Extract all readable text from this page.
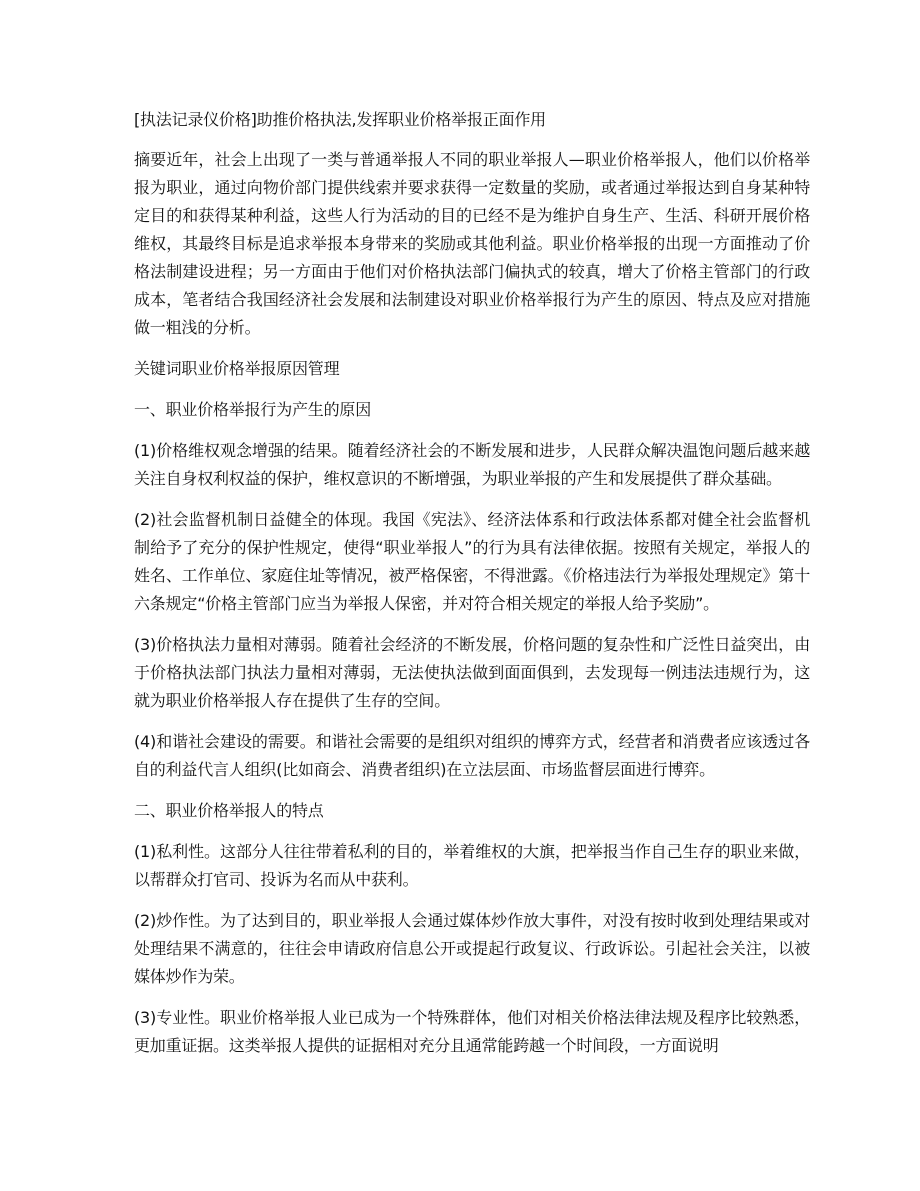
[执法记录仪价格]助推价格执法,发挥职业价格举报正面作用

摘要近年，社会上出现了一类与普通举报人不同的职业举报人—职业价格举报人，他们以价格举报为职业，通过向物价部门提供线索并要求获得一定数量的奖励，或者通过举报达到自身某种特定目的和获得某种利益，这些人行为活动的目的已经不是为维护自身生产、生活、科研开展价格维权，其最终目标是追求举报本身带来的奖励或其他利益。职业价格举报的出现一方面推动了价格法制建设进程；另一方面由于他们对价格执法部门偏执式的较真，增大了价格主管部门的行政成本，笔者结合我国经济社会发展和法制建设对职业价格举报行为产生的原因、特点及应对措施做一粗浅的分析。

关键词职业价格举报原因管理

一、职业价格举报行为产生的原因

(1)价格维权观念增强的结果。随着经济社会的不断发展和进步，人民群众解决温饱问题后越来越关注自身权利权益的保护，维权意识的不断增强，为职业举报的产生和发展提供了群众基础。

(2)社会监督机制日益健全的体现。我国《宪法》、经济法体系和行政法体系都对健全社会监督机制给予了充分的保护性规定，使得“职业举报人”的行为具有法律依据。按照有关规定，举报人的姓名、工作单位、家庭住址等情况，被严格保密，不得泄露。《价格违法行为举报处理规定》第十六条规定“价格主管部门应当为举报人保密，并对符合相关规定的举报人给予奖励”。

(3)价格执法力量相对薄弱。随着社会经济的不断发展，价格问题的复杂性和广泛性日益突出，由于价格执法部门执法力量相对薄弱，无法使执法做到面面俱到，去发现每一例违法违规行为，这就为职业价格举报人存在提供了生存的空间。

(4)和谐社会建设的需要。和谐社会需要的是组织对组织的博弈方式，经营者和消费者应该透过各自的利益代言人组织(比如商会、消费者组织)在立法层面、市场监督层面进行博弈。

二、职业价格举报人的特点

(1)私利性。这部分人往往带着私利的目的，举着维权的大旗，把举报当作自己生存的职业来做，以帮群众打官司、投诉为名而从中获利。

(2)炒作性。为了达到目的，职业举报人会通过媒体炒作放大事件，对没有按时收到处理结果或对处理结果不满意的，往往会申请政府信息公开或提起行政复议、行政诉讼。引起社会关注，以被媒体炒作为荣。

(3)专业性。职业价格举报人业已成为一个特殊群体，他们对相关价格法律法规及程序比较熟悉，更加重证据。这类举报人提供的证据相对充分且通常能跨越一个时间段，一方面说明
